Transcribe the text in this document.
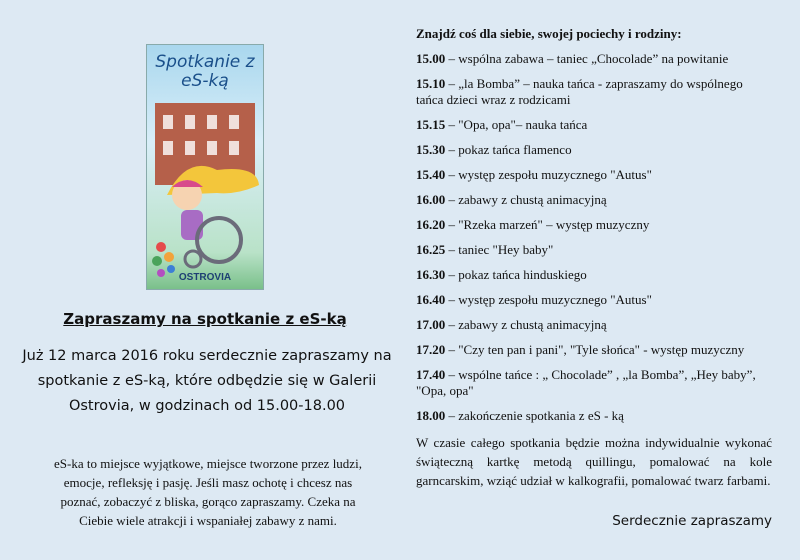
Spotkanie z eS-ką
OSTROVIA
Zapraszamy na spotkanie z eS-ką
Już 12 marca 2016 roku serdecznie zapraszamy na spotkanie z eS-ką, które odbędzie się w Galerii Ostrovia, w godzinach od 15.00-18.00
eS-ka to miejsce wyjątkowe, miejsce tworzone przez ludzi, emocje, refleksję i pasję. Jeśli masz ochotę i chcesz nas poznać, zobaczyć z bliska, gorąco zapraszamy. Czeka na Ciebie wiele atrakcji i wspaniałej zabawy z nami.
Znajdź coś dla siebie, swojej pociechy i rodziny:
15.00 – wspólna zabawa – taniec „Chocolade” na powitanie
15.10 – „la Bomba” – nauka tańca - zapraszamy do wspólnego tańca dzieci wraz z rodzicami
15.15 – "Opa, opa"– nauka tańca
15.30 – pokaz tańca flamenco
15.40 – występ zespołu muzycznego "Autus"
16.00 – zabawy z chustą animacyjną
16.20 – "Rzeka marzeń" – występ muzyczny
16.25 – taniec "Hey baby"
16.30 – pokaz tańca hinduskiego
16.40 – występ zespołu muzycznego "Autus"
17.00 – zabawy z chustą animacyjną
17.20 – "Czy ten pan i pani", "Tyle słońca" - występ muzyczny
17.40 – wspólne tańce : „ Chocolade” , „la Bomba”, „Hey baby”, "Opa, opa"
18.00 – zakończenie spotkania z eS - ką
W czasie całego spotkania będzie można indywidualnie wykonać świąteczną kartkę metodą quillingu, pomalować na kole garncarskim, wziąć udział w kalkografii, pomalować twarz farbami.
Serdecznie zapraszamy
